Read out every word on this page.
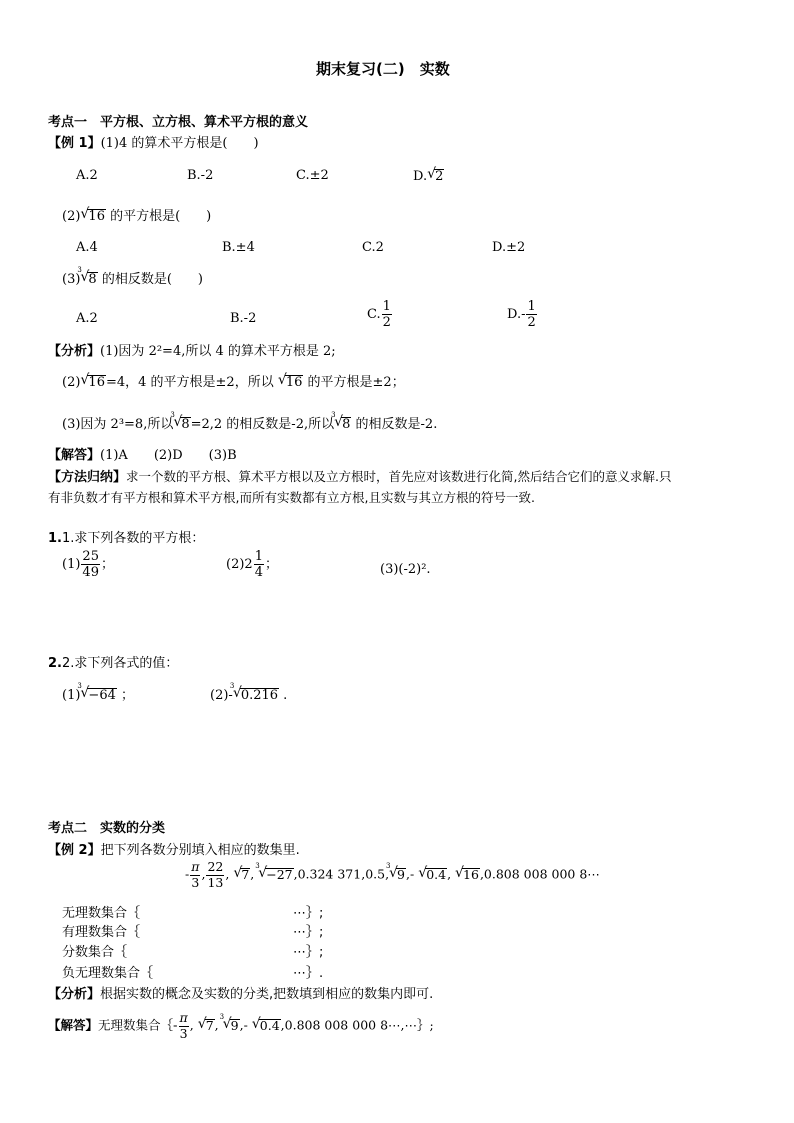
期末复习(二)　实数
考点一　平方根、立方根、算术平方根的意义
【例 1】(1)4 的算术平方根是(　　)
A.2	B.-2	C.±2	D. √ 2
(2) √ 16 的平方根是(　　)
A.4	B.±4	C.2	D.±2
(3)
3
√ 8 的相反数是(　　)
A.2	B.-2	C. $\frac{1}{2}$	$D.- \frac{1}{2}$
【分析】(1)因为 2²=4,所以 4 的算术平方根是 2;
(2) √ 16=4，4 的平方根是±2，所以 √ 16 的平方根是±2；
(3)因为 2³=8,所以
3
√ 8=2,2 的相反数是-2,所以
3
√ 8 的相反数是-2.
【解答】(1)A　　(2)D　　(3)B
【方法归纳】求一个数的平方根、算术平方根以及立方根时，首先应对该数进行化简,然后结合它们的意义求解.只
有非负数才有平方根和算术平方根,而所有实数都有立方根,且实数与其立方根的符号一致.
1.1.求下列各数的平方根：
$(1) \frac{25}{49}$ ；	$(2)2 \frac{1}{4}$ ；	(3)(-2)².
2.2.求下列各式的值：
(1)
3
√ −64 ；	(2)-
3
√ 0.216 .
考点二　实数的分类
【例 2】把下列各数分别填入相应的数集里.
- $\frac{\pi}{3}$ , $\frac{22}{13}$ , √ 7,
3
√ −27,0.324 371,0.5,
3
√ 9,- √ 0.4, √ 16,0.808 008 000 8⋯
无理数集合｛	⋯｝;
有理数集合｛	⋯｝;
分数集合｛	⋯｝;
负无理数集合｛	⋯｝.
【分析】根据实数的概念及实数的分类,把数填到相应的数集内即可.
【解答】无理数集合｛- $\frac{\pi}{3}$ , √ 7,
3
√ 9,- √ 0.4,0.808 008 000 8⋯,⋯｝;
